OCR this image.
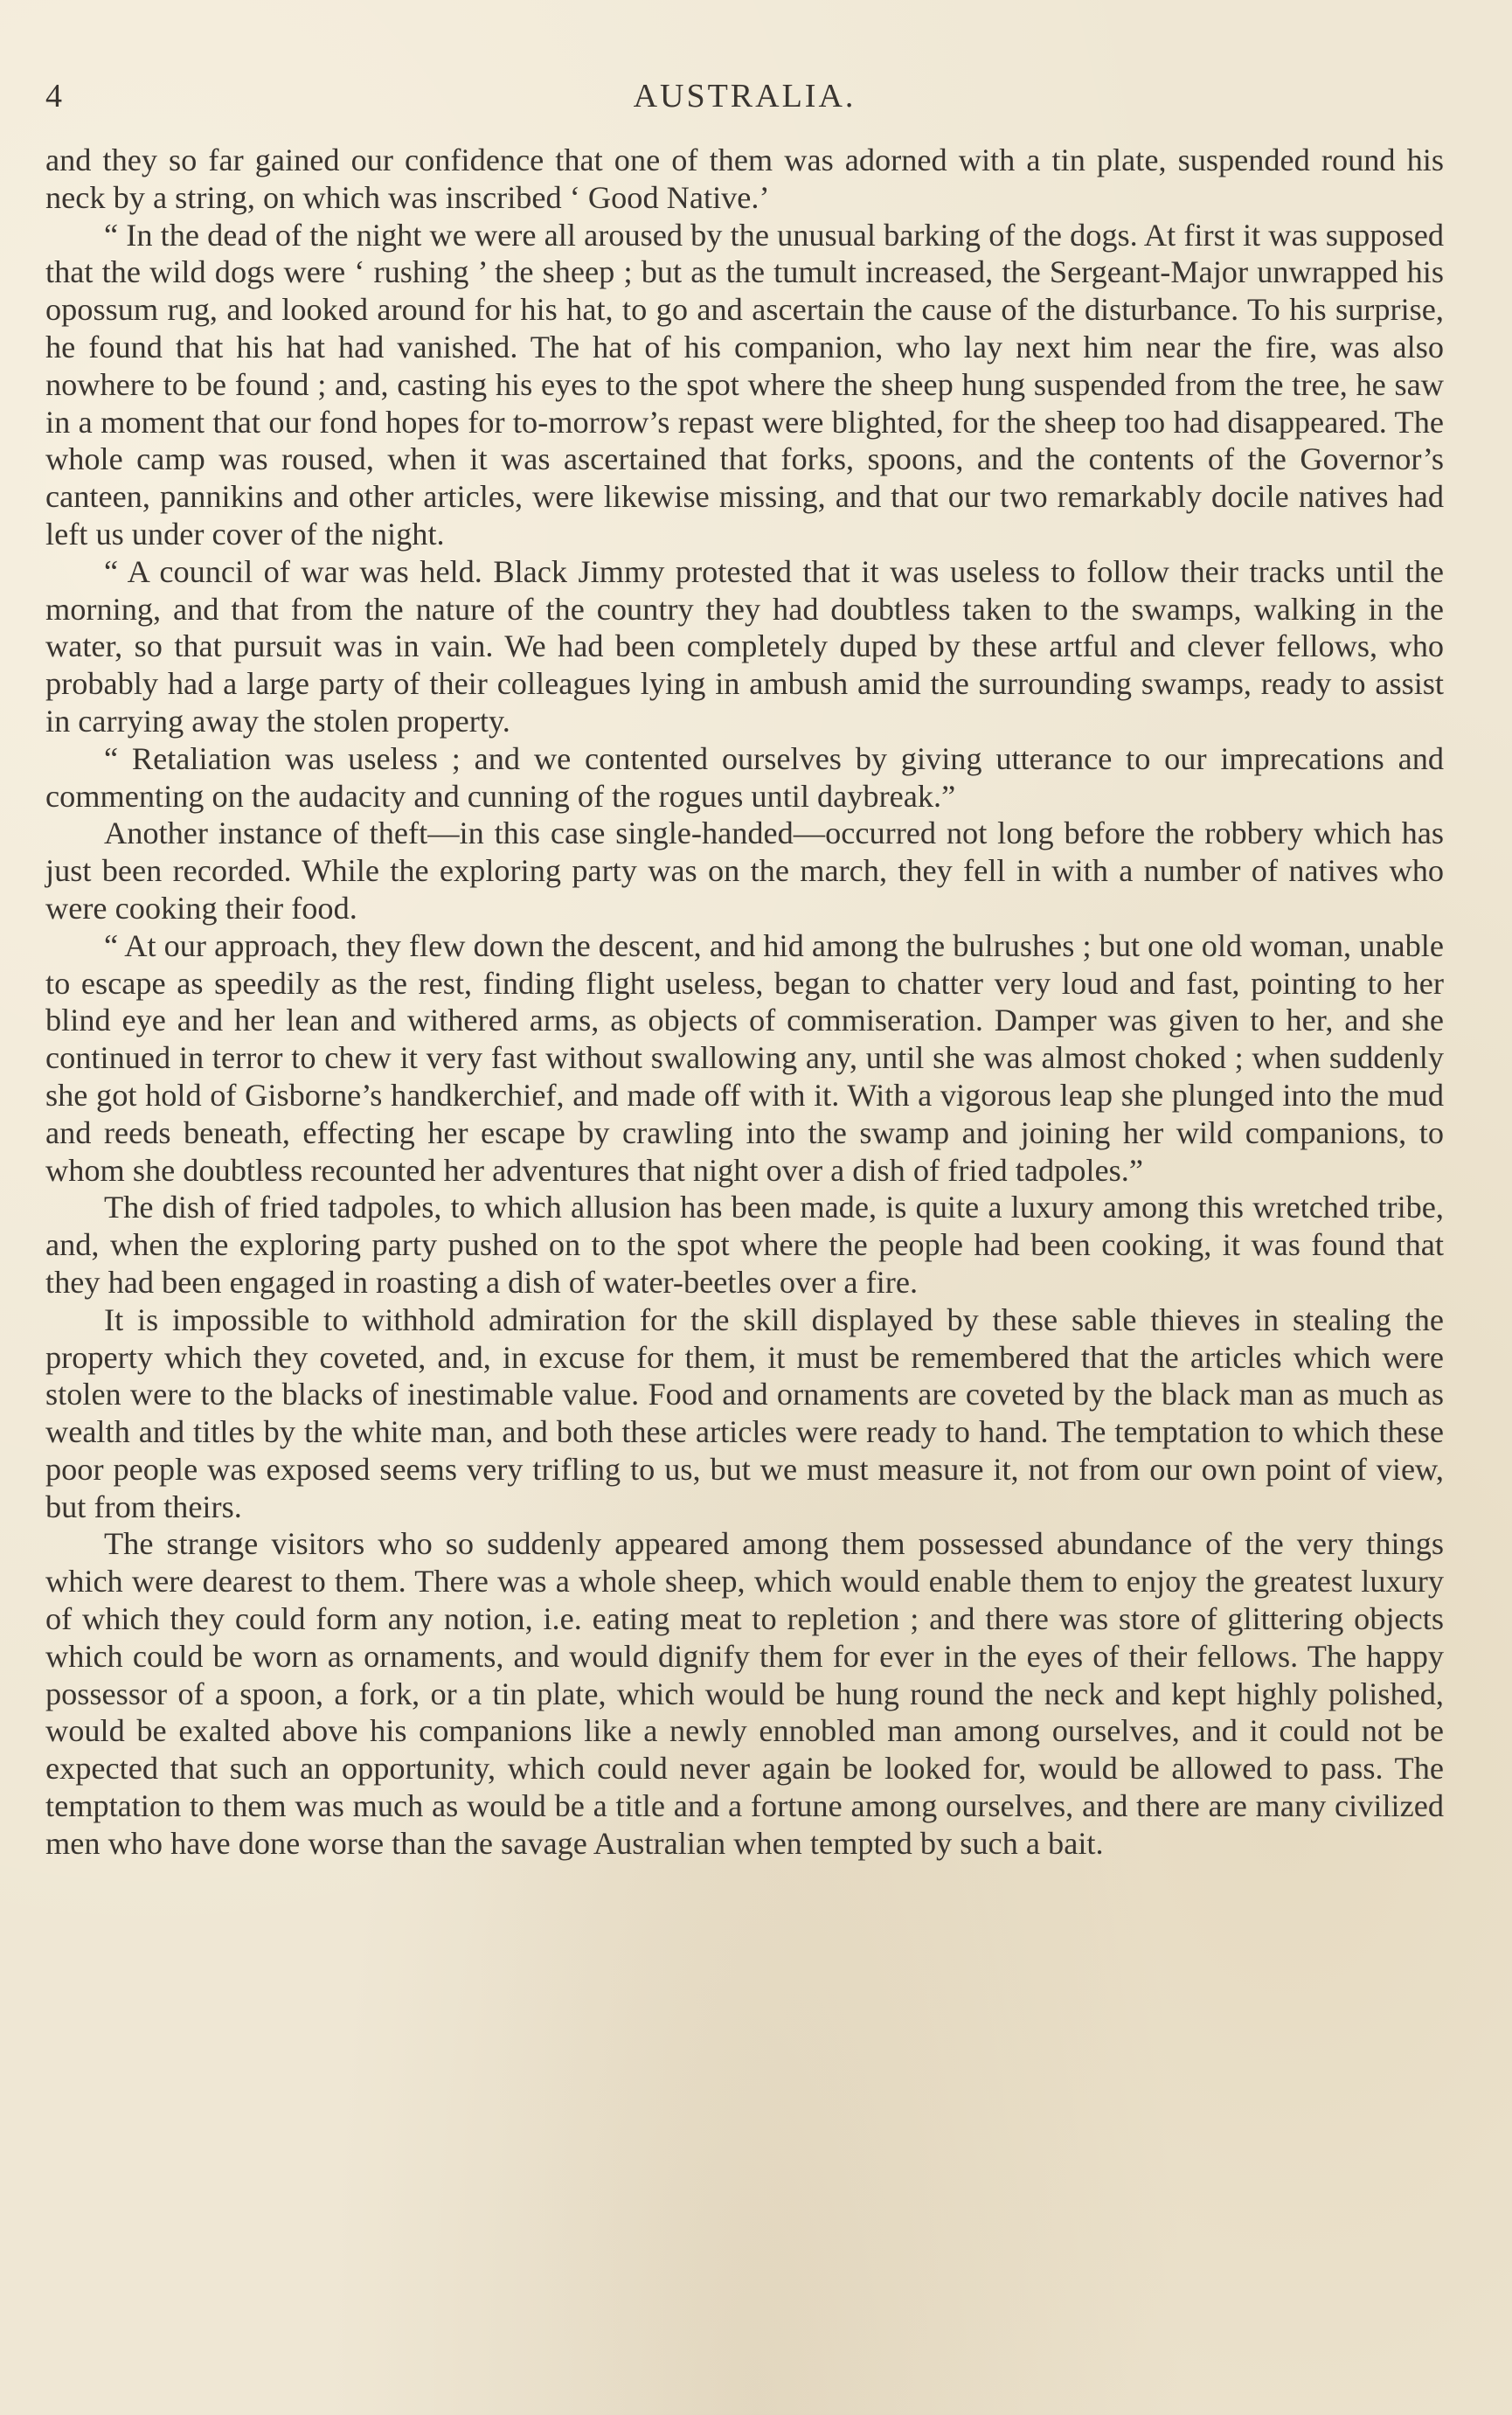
4	AUSTRALIA.

and they so far gained our confidence that one of them was adorned with a tin plate, suspended round his neck by a string, on which was inscribed ‘ Good Native.’

“ In the dead of the night we were all aroused by the unusual barking of the dogs. At first it was supposed that the wild dogs were ‘ rushing ’ the sheep ; but as the tumult increased, the Sergeant-Major unwrapped his opossum rug, and looked around for his hat, to go and ascertain the cause of the disturbance. To his surprise, he found that his hat had vanished. The hat of his companion, who lay next him near the fire, was also nowhere to be found ; and, casting his eyes to the spot where the sheep hung suspended from the tree, he saw in a moment that our fond hopes for to-morrow’s repast were blighted, for the sheep too had disappeared. The whole camp was roused, when it was ascertained that forks, spoons, and the contents of the Governor’s canteen, pannikins and other articles, were likewise missing, and that our two remarkably docile natives had left us under cover of the night.

“ A council of war was held. Black Jimmy protested that it was useless to follow their tracks until the morning, and that from the nature of the country they had doubtless taken to the swamps, walking in the water, so that pursuit was in vain. We had been completely duped by these artful and clever fellows, who probably had a large party of their colleagues lying in ambush amid the surrounding swamps, ready to assist in carrying away the stolen property.

“ Retaliation was useless ; and we contented ourselves by giving utterance to our imprecations and commenting on the audacity and cunning of the rogues until daybreak.”

Another instance of theft—in this case single-handed—occurred not long before the robbery which has just been recorded. While the exploring party was on the march, they fell in with a number of natives who were cooking their food.

“ At our approach, they flew down the descent, and hid among the bulrushes ; but one old woman, unable to escape as speedily as the rest, finding flight useless, began to chatter very loud and fast, pointing to her blind eye and her lean and withered arms, as objects of commiseration. Damper was given to her, and she continued in terror to chew it very fast without swallowing any, until she was almost choked ; when suddenly she got hold of Gisborne’s handkerchief, and made off with it. With a vigorous leap she plunged into the mud and reeds beneath, effecting her escape by crawling into the swamp and joining her wild companions, to whom she doubtless recounted her adventures that night over a dish of fried tadpoles.”

The dish of fried tadpoles, to which allusion has been made, is quite a luxury among this wretched tribe, and, when the exploring party pushed on to the spot where the people had been cooking, it was found that they had been engaged in roasting a dish of water-beetles over a fire.

It is impossible to withhold admiration for the skill displayed by these sable thieves in stealing the property which they coveted, and, in excuse for them, it must be remembered that the articles which were stolen were to the blacks of inestimable value. Food and ornaments are coveted by the black man as much as wealth and titles by the white man, and both these articles were ready to hand. The temptation to which these poor people was exposed seems very trifling to us, but we must measure it, not from our own point of view, but from theirs.

The strange visitors who so suddenly appeared among them possessed abundance of the very things which were dearest to them. There was a whole sheep, which would enable them to enjoy the greatest luxury of which they could form any notion, i.e. eating meat to repletion ; and there was store of glittering objects which could be worn as ornaments, and would dignify them for ever in the eyes of their fellows. The happy possessor of a spoon, a fork, or a tin plate, which would be hung round the neck and kept highly polished, would be exalted above his companions like a newly ennobled man among ourselves, and it could not be expected that such an opportunity, which could never again be looked for, would be allowed to pass. The temptation to them was much as would be a title and a fortune among ourselves, and there are many civilized men who have done worse than the savage Australian when tempted by such a bait.
